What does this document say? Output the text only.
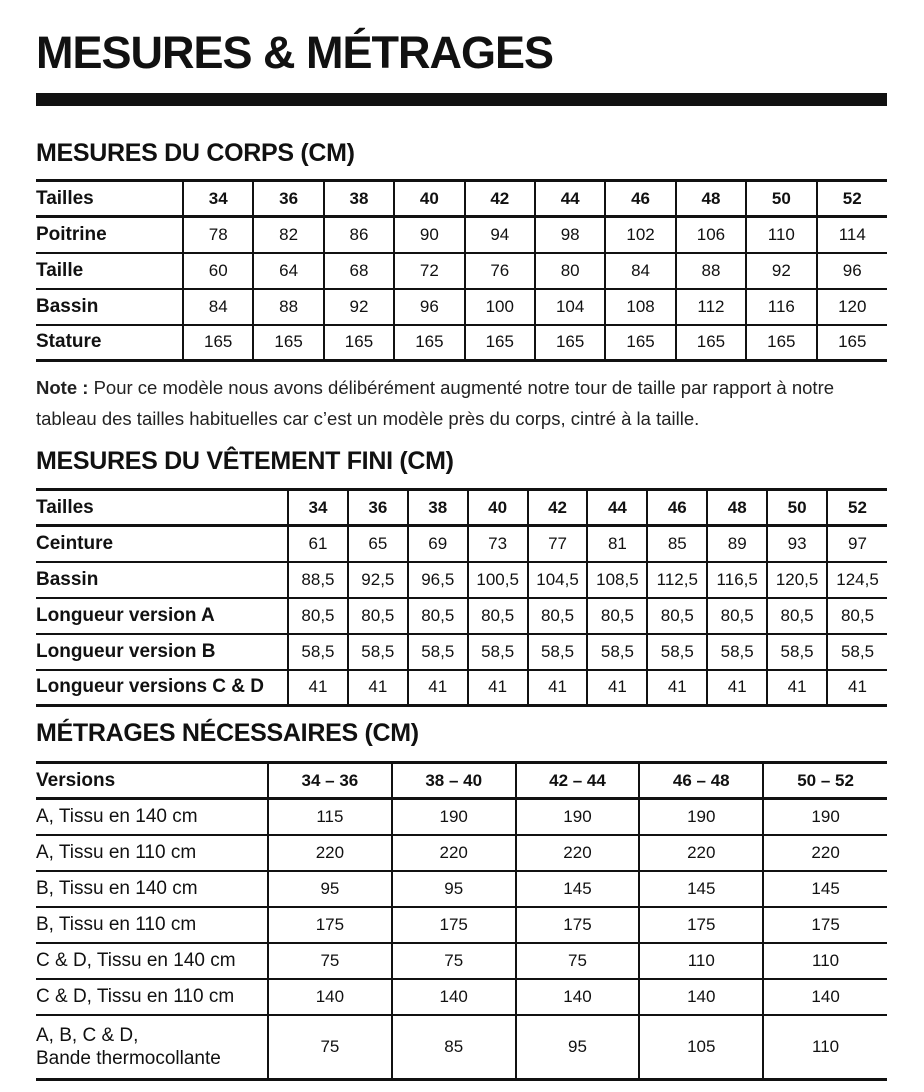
MESURES & MÉTRAGES
MESURES DU CORPS (CM)
Tailles	34	36	38	40	42	44	46	48	50	52
Poitrine	78	82	86	90	94	98	102	106	110	114
Taille	60	64	68	72	76	80	84	88	92	96
Bassin	84	88	92	96	100	104	108	112	116	120
Stature	165	165	165	165	165	165	165	165	165	165
Note : Pour ce modèle nous avons délibérément augmenté notre tour de taille par rapport à notre tableau des tailles habituelles car c’est un modèle près du corps, cintré à la taille.
MESURES DU VÊTEMENT FINI (CM)
Tailles	34	36	38	40	42	44	46	48	50	52
Ceinture	61	65	69	73	77	81	85	89	93	97
Bassin	88,5	92,5	96,5	100,5	104,5	108,5	112,5	116,5	120,5	124,5
Longueur version A	80,5	80,5	80,5	80,5	80,5	80,5	80,5	80,5	80,5	80,5
Longueur version B	58,5	58,5	58,5	58,5	58,5	58,5	58,5	58,5	58,5	58,5
Longueur versions C & D	41	41	41	41	41	41	41	41	41	41
MÉTRAGES NÉCESSAIRES (CM)
Versions	34 – 36	38 – 40	42 – 44	46 – 48	50 – 52
A, Tissu en 140 cm	115	190	190	190	190
A, Tissu en 110 cm	220	220	220	220	220
B, Tissu en 140 cm	95	95	145	145	145
B, Tissu en 110 cm	175	175	175	175	175
C & D, Tissu en 140 cm	75	75	75	110	110
C & D, Tissu en 110 cm	140	140	140	140	140

A, B, C & D,
Bande thermocollante	75	85	95	105	110
